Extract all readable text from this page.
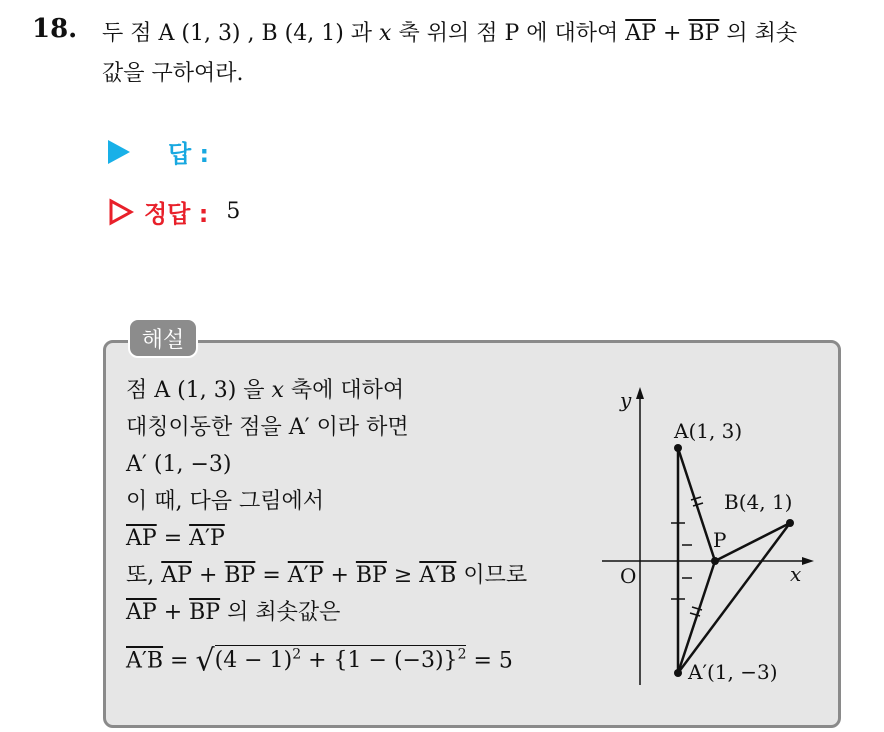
18. 두 점 A (1, 3) , B (4, 1) 과 x 축 위의 점 P 에 대하여 $\overline{AP} + \overline{BP}$ 의 최솟
값을 구하여라.
답 :
정답 : 5
해설
점 A (1, 3) 을 x 축에 대하여
대칭이동한 점을 A′ 이라 하면
A′ (1, −3)
이 때, 다음 그림에서
$\overline{AP} = A'P$
또, $\overline{AP} + \overline{BP} = A'P + \overline{BP} \ge A'B$ 이므로
$\overline{AP} + \overline{BP}$ 의 최솟값은
$A'B = √(4 - 1)^2 + \{1 - (-3)\}^2 = 5$
y
x
O
A(1, 3)
B(4, 1)
P
A′(1, −3)
